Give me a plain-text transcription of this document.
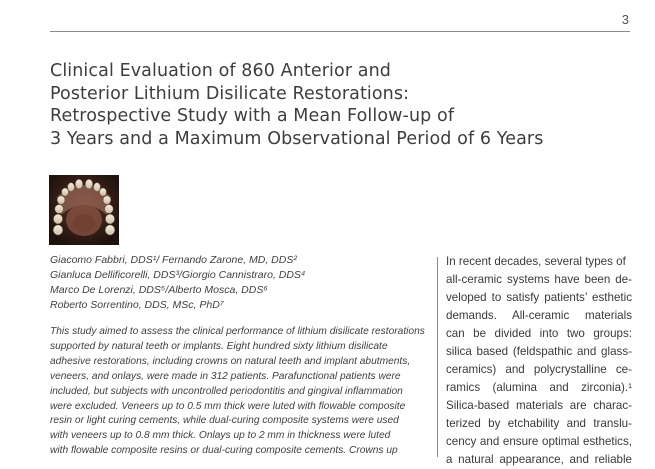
3
Clinical Evaluation of 860 Anterior and
Posterior Lithium Disilicate Restorations:
Retrospective Study with a Mean Follow-up of
3 Years and a Maximum Observational Period of 6 Years
Giacomo Fabbri, DDS¹/ Fernando Zarone, MD, DDS²
Gianluca Dellificorelli, DDS³/Giorgio Cannistraro, DDS⁴
Marco De Lorenzi, DDS⁵/Alberto Mosca, DDS⁶
Roberto Sorrentino, DDS, MSc, PhD⁷
This study aimed to assess the clinical performance of lithium disilicate restorations
supported by natural teeth or implants. Eight hundred sixty lithium disilicate
adhesive restorations, including crowns on natural teeth and implant abutments,
veneers, and onlays, were made in 312 patients. Parafunctional patients were
included, but subjects with uncontrolled periodontitis and gingival inflammation
were excluded. Veneers up to 0.5 mm thick were luted with flowable composite
resin or light curing cements, while dual-curing composite systems were used
with veneers up to 0.8 mm thick. Onlays up to 2 mm in thickness were luted
with flowable composite resins or dual-curing composite cements. Crowns up
In recent decades, several types of
all-ceramic systems have been de-
veloped to satisfy patients’ esthetic
demands. All-ceramic materials
can be divided into two groups:
silica based (feldspathic and glass-
ceramics) and polycrystalline ce-
ramics (alumina and zirconia).¹
Silica-based materials are charac-
terized by etchability and translu-
cency and ensure optimal esthetics,
a natural appearance, and reliable
